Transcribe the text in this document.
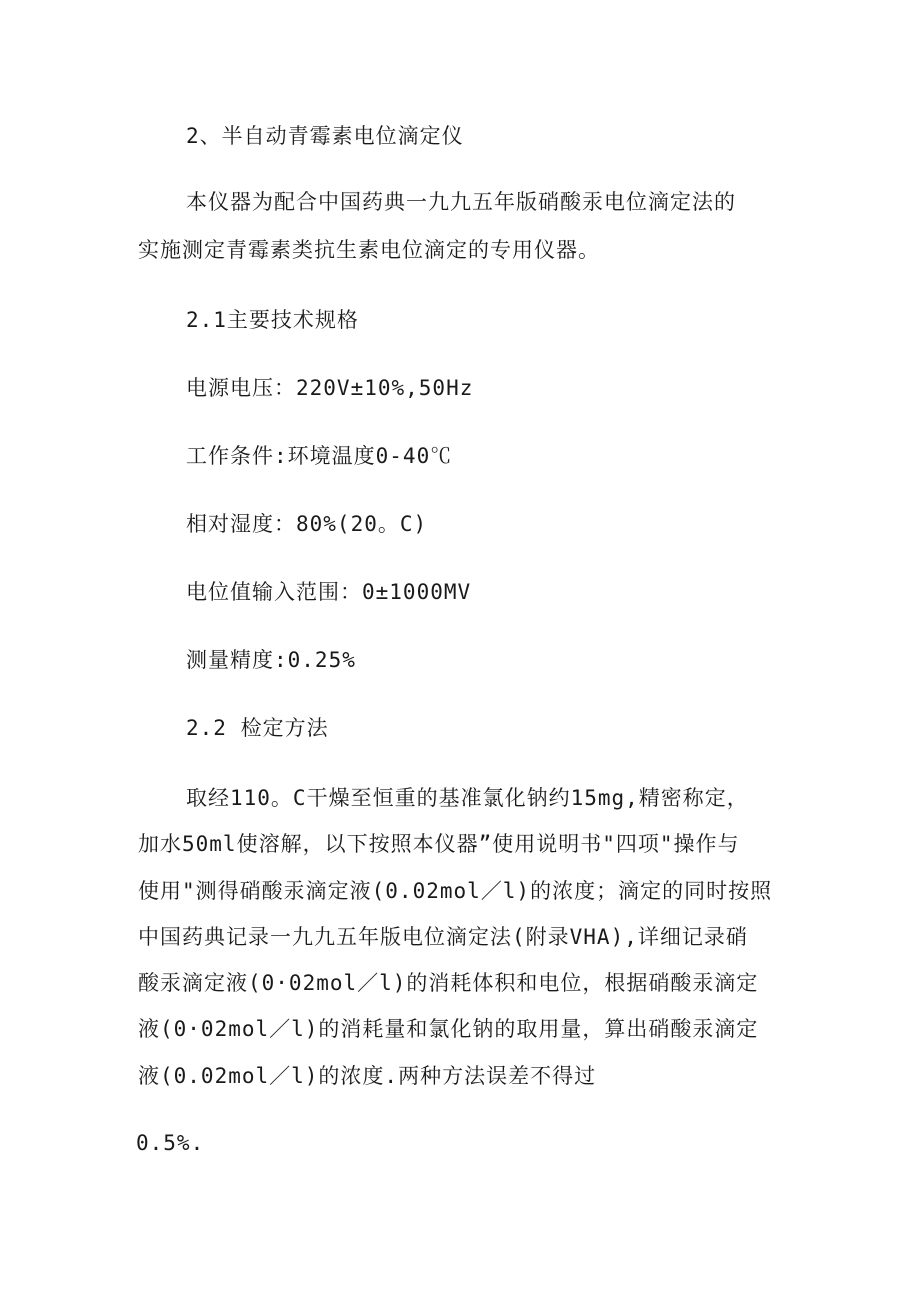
2、半自动青霉素电位滴定仪
本仪器为配合中国药典一九九五年版硝酸汞电位滴定法的
实施测定青霉素类抗生素电位滴定的专用仪器。
2.1主要技术规格
电源电压：220V±10%,50Hz
工作条件:环境温度0-40℃
相对湿度：80%(20。C)
电位值输入范围：0±1000MV
测量精度:0.25%
2.2 检定方法
取经110。C干燥至恒重的基准氯化钠约15mg,精密称定，
加水50ml使溶解，以下按照本仪器”使用说明书"四项"操作与
使用"测得硝酸汞滴定液(0.02mol／l)的浓度；滴定的同时按照
中国药典记录一九九五年版电位滴定法(附录VHA),详细记录硝
酸汞滴定液(0·02mol／l)的消耗体积和电位，根据硝酸汞滴定
液(0·02mol／l)的消耗量和氯化钠的取用量，算出硝酸汞滴定
液(0.02mol／l)的浓度.两种方法误差不得过
0.5%.
